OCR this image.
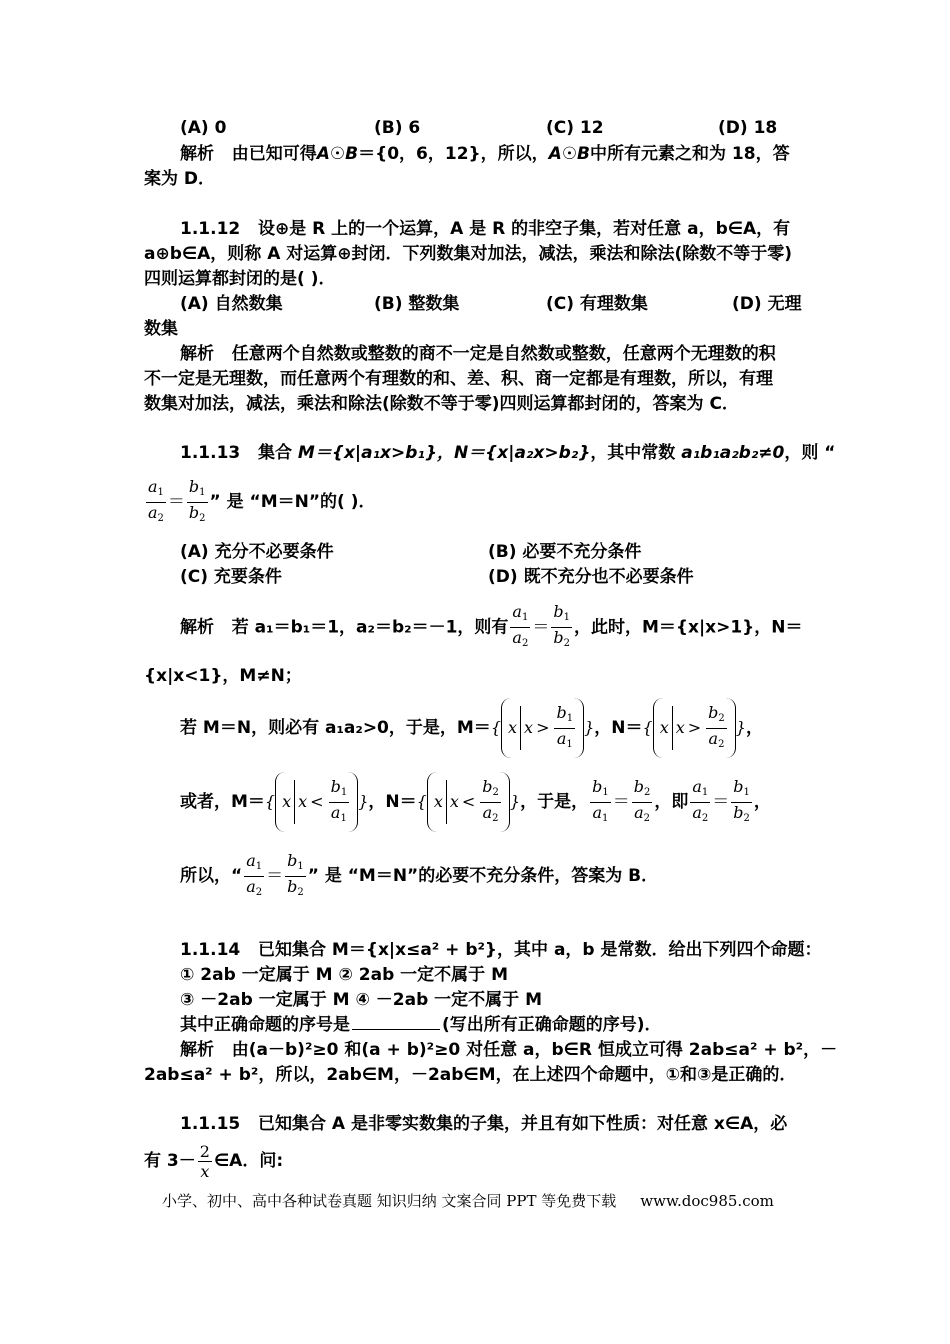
(A) 0	(B) 6	(C) 12	(D) 18
解析 由已知可得A☉B＝{0，6，12}，所以，A☉B中所有元素之和为 18，答
案为 D．
1.1.12 设⊕是 R 上的一个运算，A 是 R 的非空子集，若对任意 a，b∈A，有
a⊕b∈A，则称 A 对运算⊕封闭．下列数集对加法，减法，乘法和除法(除数不等于零)
四则运算都封闭的是( )．
(A) 自然数集	(B) 整数集	(C) 有理数集	(D) 无理
数集
解析 任意两个自然数或整数的商不一定是自然数或整数，任意两个无理数的积
不一定是无理数，而任意两个有理数的和、差、积、商一定都是有理数，所以，有理
数集对加法，减法，乘法和除法(除数不等于零)四则运算都封闭的，答案为 C．
1.1.13 集合 M＝{x|a₁x>b₁}，N＝{x|a₂x>b₂}，其中常数 a₁b₁a₂b₂≠0，则 “
$\frac{a_1}{a_2} = \frac{b_1}{b_2}$ ” 是 “M＝N”的( )．
(A) 充分不必要条件	(B) 必要不充分条件
(C) 充要条件	(D) 既不充分也不必要条件
解析 若 a₁＝b₁＝1，a₂＝b₂＝－1，则有 $\frac{a_1}{a_2} = \frac{b_1}{b_2}$ ，此时，M＝{x|x>1}，N＝
{x|x<1}，M≠N；
若 M＝N，则必有 a₁a₂>0，于是，M＝{ x $x > \frac{b_1}{a_1}$ }，N＝{ x $x > \frac{b_2}{a_2}$ }，
或者，M＝{ x $x < \frac{b_1}{a_1}$ }，N＝{ x $x < \frac{b_2}{a_2}$ }，于是， $\frac{b_1}{a_1} = \frac{b_2}{a_2}$ ，即 $\frac{a_1}{a_2} = \frac{b_1}{b_2}$ ，
所以，“ $\frac{a_1}{a_2} = \frac{b_1}{b_2}$ ” 是 “M＝N”的必要不充分条件，答案为 B．
1.1.14 已知集合 M＝{x|x≤a² + b²}，其中 a，b 是常数．给出下列四个命题：
① 2ab 一定属于 M ② 2ab 一定不属于 M
③ －2ab 一定属于 M ④ －2ab 一定不属于 M
其中正确命题的序号是	(写出所有正确命题的序号)．
解析 由(a－b)²≥0 和(a + b)²≥0 对任意 a，b∈R 恒成立可得 2ab≤a² + b²，－
2ab≤a² + b²，所以，2ab∈M，－2ab∈M，在上述四个命题中，①和③是正确的．
1.1.15 已知集合 A 是非零实数集的子集，并且有如下性质：对任意 x∈A，必
有 $3- \frac{2}{x}$ ∈A．问:
小学、初中、高中各种试卷真题 知识归纳 文案合同 PPT 等免费下载 www.doc985.com
